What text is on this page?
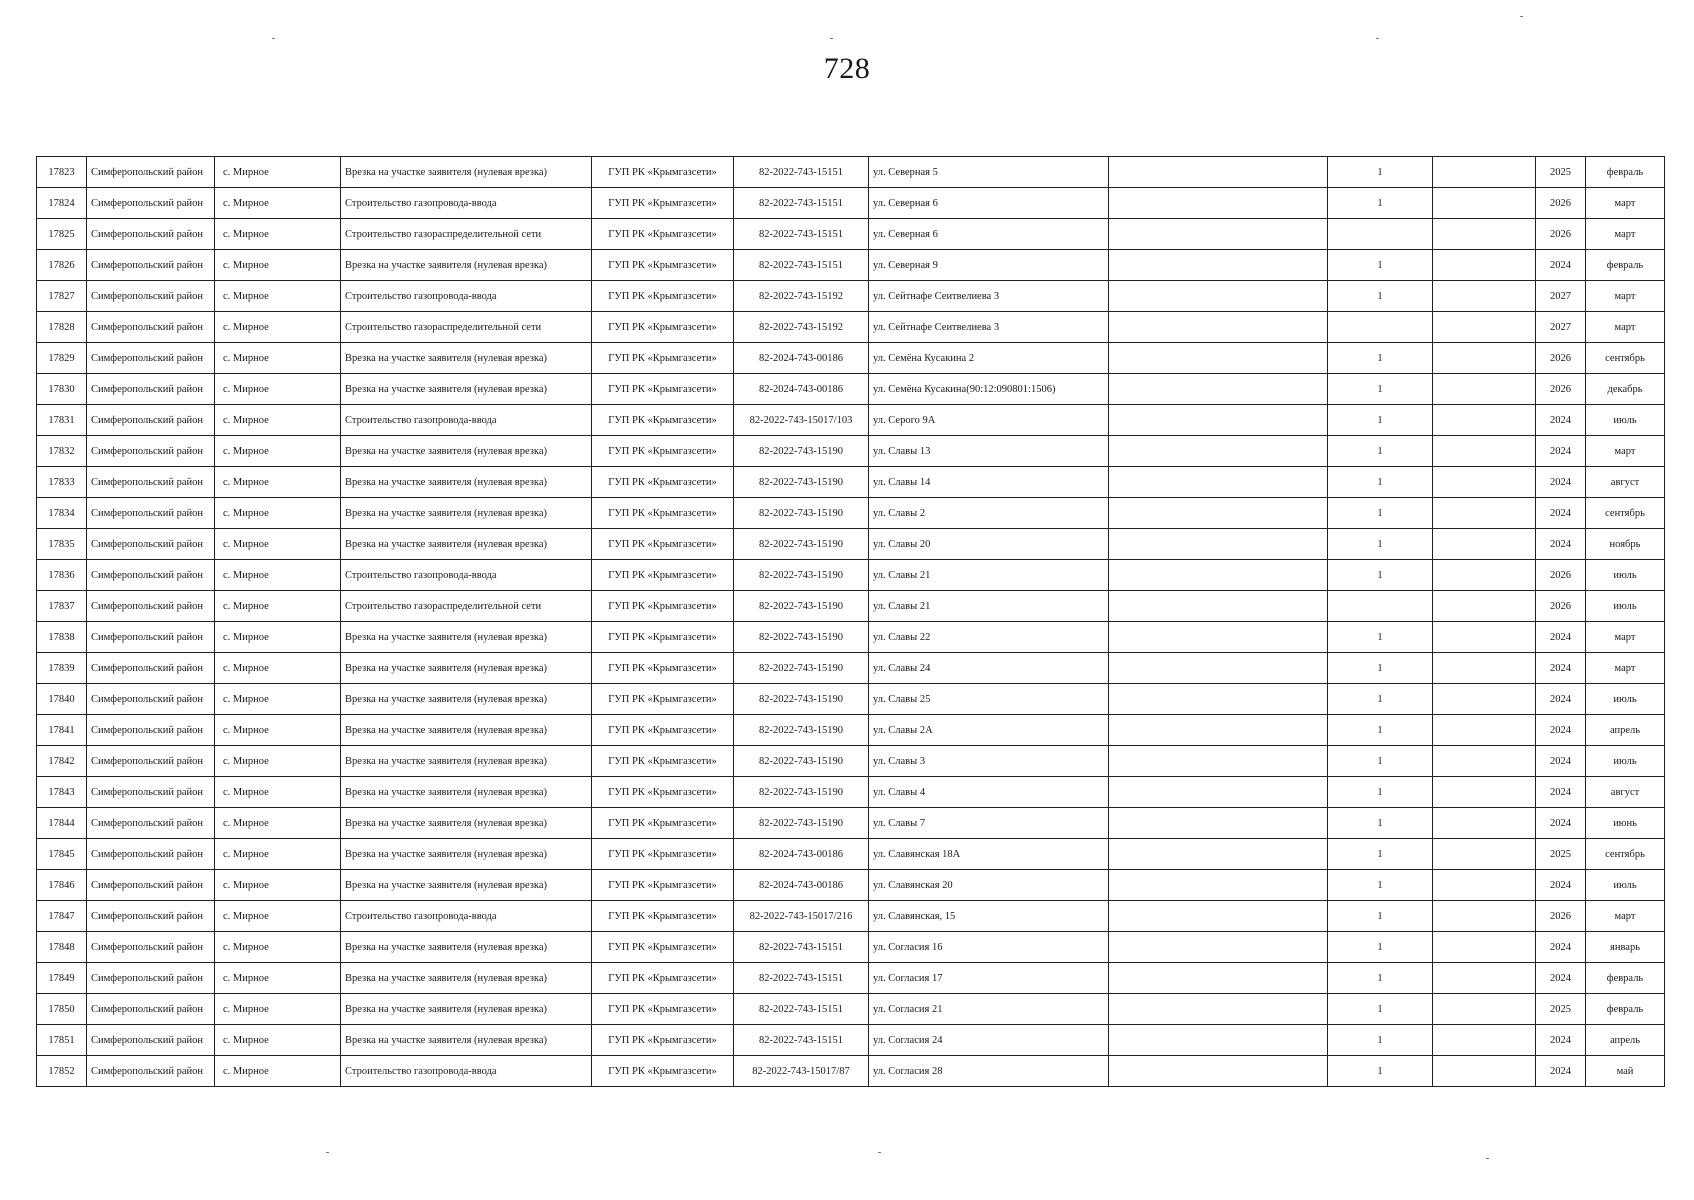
728
17823	Симферопольский район	с. Мирное	Врезка на участке заявителя (нулевая врезка)	ГУП РК «Крымгазсети»	82-2022-743-15151	ул. Северная 5		1		2025	февраль
17824	Симферопольский район	с. Мирное	Строительство газопровода-ввода	ГУП РК «Крымгазсети»	82-2022-743-15151	ул. Северная 6		1		2026	март
17825	Симферопольский район	с. Мирное	Строительство газораспределительной сети	ГУП РК «Крымгазсети»	82-2022-743-15151	ул. Северная 6				2026	март
17826	Симферопольский район	с. Мирное	Врезка на участке заявителя (нулевая врезка)	ГУП РК «Крымгазсети»	82-2022-743-15151	ул. Северная 9		1		2024	февраль
17827	Симферопольский район	с. Мирное	Строительство газопровода-ввода	ГУП РК «Крымгазсети»	82-2022-743-15192	ул. Сейтнафе Сеитвелиева 3		1		2027	март
17828	Симферопольский район	с. Мирное	Строительство газораспределительной сети	ГУП РК «Крымгазсети»	82-2022-743-15192	ул. Сейтнафе Сеитвелиева 3				2027	март
17829	Симферопольский район	с. Мирное	Врезка на участке заявителя (нулевая врезка)	ГУП РК «Крымгазсети»	82-2024-743-00186	ул. Семёна Кусакина 2		1		2026	сентябрь
17830	Симферопольский район	с. Мирное	Врезка на участке заявителя (нулевая врезка)	ГУП РК «Крымгазсети»	82-2024-743-00186	ул. Семёна Кусакина(90:12:090801:1506)		1		2026	декабрь
17831	Симферопольский район	с. Мирное	Строительство газопровода-ввода	ГУП РК «Крымгазсети»	82-2022-743-15017/103	ул. Серого 9А		1		2024	июль
17832	Симферопольский район	с. Мирное	Врезка на участке заявителя (нулевая врезка)	ГУП РК «Крымгазсети»	82-2022-743-15190	ул. Славы 13		1		2024	март
17833	Симферопольский район	с. Мирное	Врезка на участке заявителя (нулевая врезка)	ГУП РК «Крымгазсети»	82-2022-743-15190	ул. Славы 14		1		2024	август
17834	Симферопольский район	с. Мирное	Врезка на участке заявителя (нулевая врезка)	ГУП РК «Крымгазсети»	82-2022-743-15190	ул. Славы 2		1		2024	сентябрь
17835	Симферопольский район	с. Мирное	Врезка на участке заявителя (нулевая врезка)	ГУП РК «Крымгазсети»	82-2022-743-15190	ул. Славы 20		1		2024	ноябрь
17836	Симферопольский район	с. Мирное	Строительство газопровода-ввода	ГУП РК «Крымгазсети»	82-2022-743-15190	ул. Славы 21		1		2026	июль
17837	Симферопольский район	с. Мирное	Строительство газораспределительной сети	ГУП РК «Крымгазсети»	82-2022-743-15190	ул. Славы 21				2026	июль
17838	Симферопольский район	с. Мирное	Врезка на участке заявителя (нулевая врезка)	ГУП РК «Крымгазсети»	82-2022-743-15190	ул. Славы 22		1		2024	март
17839	Симферопольский район	с. Мирное	Врезка на участке заявителя (нулевая врезка)	ГУП РК «Крымгазсети»	82-2022-743-15190	ул. Славы 24		1		2024	март
17840	Симферопольский район	с. Мирное	Врезка на участке заявителя (нулевая врезка)	ГУП РК «Крымгазсети»	82-2022-743-15190	ул. Славы 25		1		2024	июль
17841	Симферопольский район	с. Мирное	Врезка на участке заявителя (нулевая врезка)	ГУП РК «Крымгазсети»	82-2022-743-15190	ул. Славы 2А		1		2024	апрель
17842	Симферопольский район	с. Мирное	Врезка на участке заявителя (нулевая врезка)	ГУП РК «Крымгазсети»	82-2022-743-15190	ул. Славы 3		1		2024	июль
17843	Симферопольский район	с. Мирное	Врезка на участке заявителя (нулевая врезка)	ГУП РК «Крымгазсети»	82-2022-743-15190	ул. Славы 4		1		2024	август
17844	Симферопольский район	с. Мирное	Врезка на участке заявителя (нулевая врезка)	ГУП РК «Крымгазсети»	82-2022-743-15190	ул. Славы 7		1		2024	июнь
17845	Симферопольский район	с. Мирное	Врезка на участке заявителя (нулевая врезка)	ГУП РК «Крымгазсети»	82-2024-743-00186	ул. Славянская 18А		1		2025	сентябрь
17846	Симферопольский район	с. Мирное	Врезка на участке заявителя (нулевая врезка)	ГУП РК «Крымгазсети»	82-2024-743-00186	ул. Славянская 20		1		2024	июль
17847	Симферопольский район	с. Мирное	Строительство газопровода-ввода	ГУП РК «Крымгазсети»	82-2022-743-15017/216	ул. Славянская, 15		1		2026	март
17848	Симферопольский район	с. Мирное	Врезка на участке заявителя (нулевая врезка)	ГУП РК «Крымгазсети»	82-2022-743-15151	ул. Согласия 16		1		2024	январь
17849	Симферопольский район	с. Мирное	Врезка на участке заявителя (нулевая врезка)	ГУП РК «Крымгазсети»	82-2022-743-15151	ул. Согласия 17		1		2024	февраль
17850	Симферопольский район	с. Мирное	Врезка на участке заявителя (нулевая врезка)	ГУП РК «Крымгазсети»	82-2022-743-15151	ул. Согласия 21		1		2025	февраль
17851	Симферопольский район	с. Мирное	Врезка на участке заявителя (нулевая врезка)	ГУП РК «Крымгазсети»	82-2022-743-15151	ул. Согласия 24		1		2024	апрель
17852	Симферопольский район	с. Мирное	Строительство газопровода-ввода	ГУП РК «Крымгазсети»	82-2022-743-15017/87	ул. Согласия 28		1		2024	май
